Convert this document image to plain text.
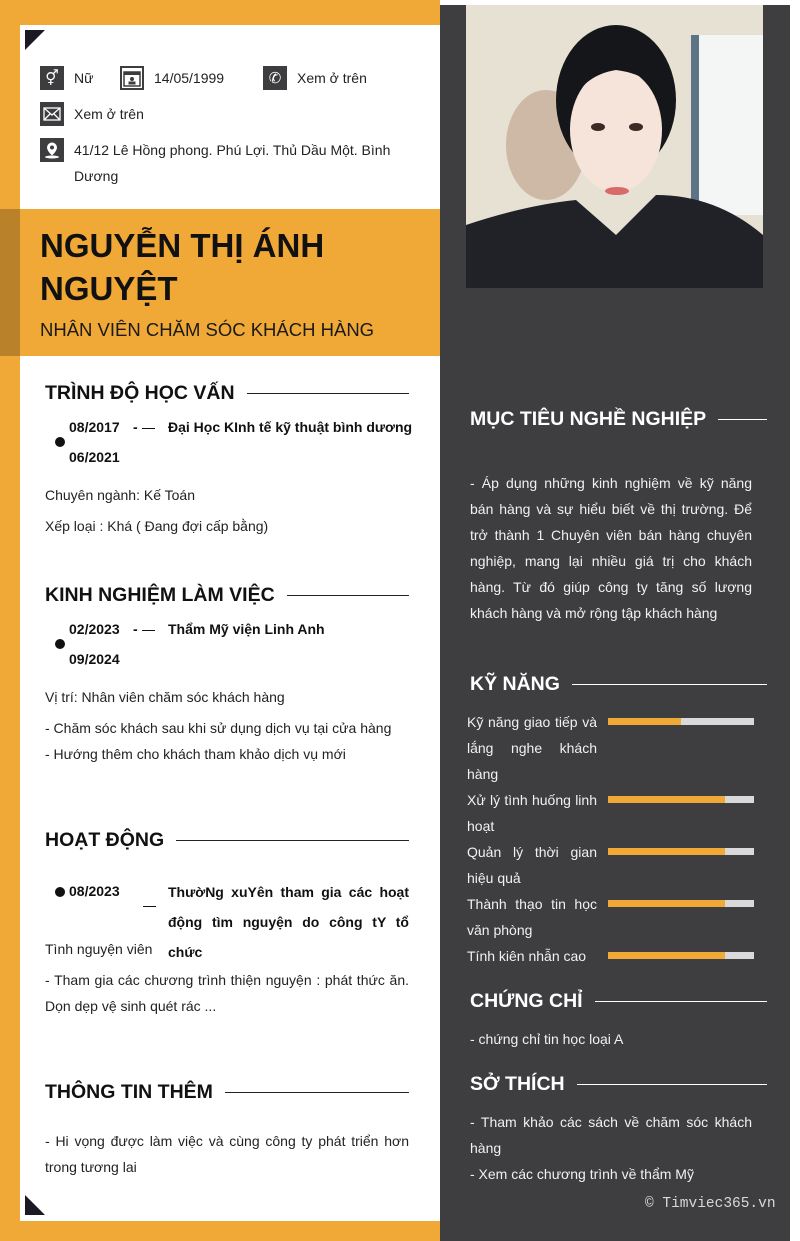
⚥	Nữ	14/05/1999	✆	Xem ở trên
Xem ở trên
41/12 Lê Hồng phong. Phú Lợi. Thủ Dầu Một. Bình Dương
NGUYỄN THỊ ÁNH NGUYỆT
NHÂN VIÊN CHĂM SÓC KHÁCH HÀNG
TRÌNH ĐỘ HỌC VẤN
08/2017 -
06/2021
Đại Học KInh tế kỹ thuật bình dương
Chuyên ngành: Kế Toán
Xếp loại : Khá ( Đang đợi cấp bằng)
KINH NGHIỆM LÀM VIỆC
02/2023 -
09/2024
Thẩm Mỹ viện Linh Anh
Vị trí: Nhân viên chăm sóc khách hàng
- Chăm sóc khách sau khi sử dụng dịch vụ tại cửa hàng
- Hướng thêm cho khách tham khảo dịch vụ mới
HOẠT ĐỘNG
08/2023	ThườNg xuYên tham gia các hoạt động tìm nguyện do công tY tổ chức
Tình nguyện viên
- Tham gia các chương trình thiện nguyện : phát thức ăn. Dọn dẹp vệ sinh quét rác ...
THÔNG TIN THÊM
- Hi vọng được làm việc và cùng công ty phát triển hơn trong tương lai
MỤC TIÊU NGHỀ NGHIỆP
- Áp dụng những kinh nghiệm về kỹ năng bán hàng và sự hiểu biết về thị trường. Để trở thành 1 Chuyên viên bán hàng chuyên nghiệp, mang lại nhiều giá trị cho khách hàng. Từ đó giúp công ty tăng số lượng khách hàng và mở rộng tập khách hàng
KỸ NĂNG
Kỹ năng giao tiếp và lắng nghe khách hàng
Xử lý tình huống linh hoạt
Quản lý thời gian hiệu quả
Thành thạo tin học văn phòng
Tính kiên nhẫn cao
CHỨNG CHỈ
- chứng chỉ tin học loại A
SỞ THÍCH
- Tham khảo các sách về chăm sóc khách hàng
- Xem các chương trình về thẩm Mỹ
© Timviec365.vn
